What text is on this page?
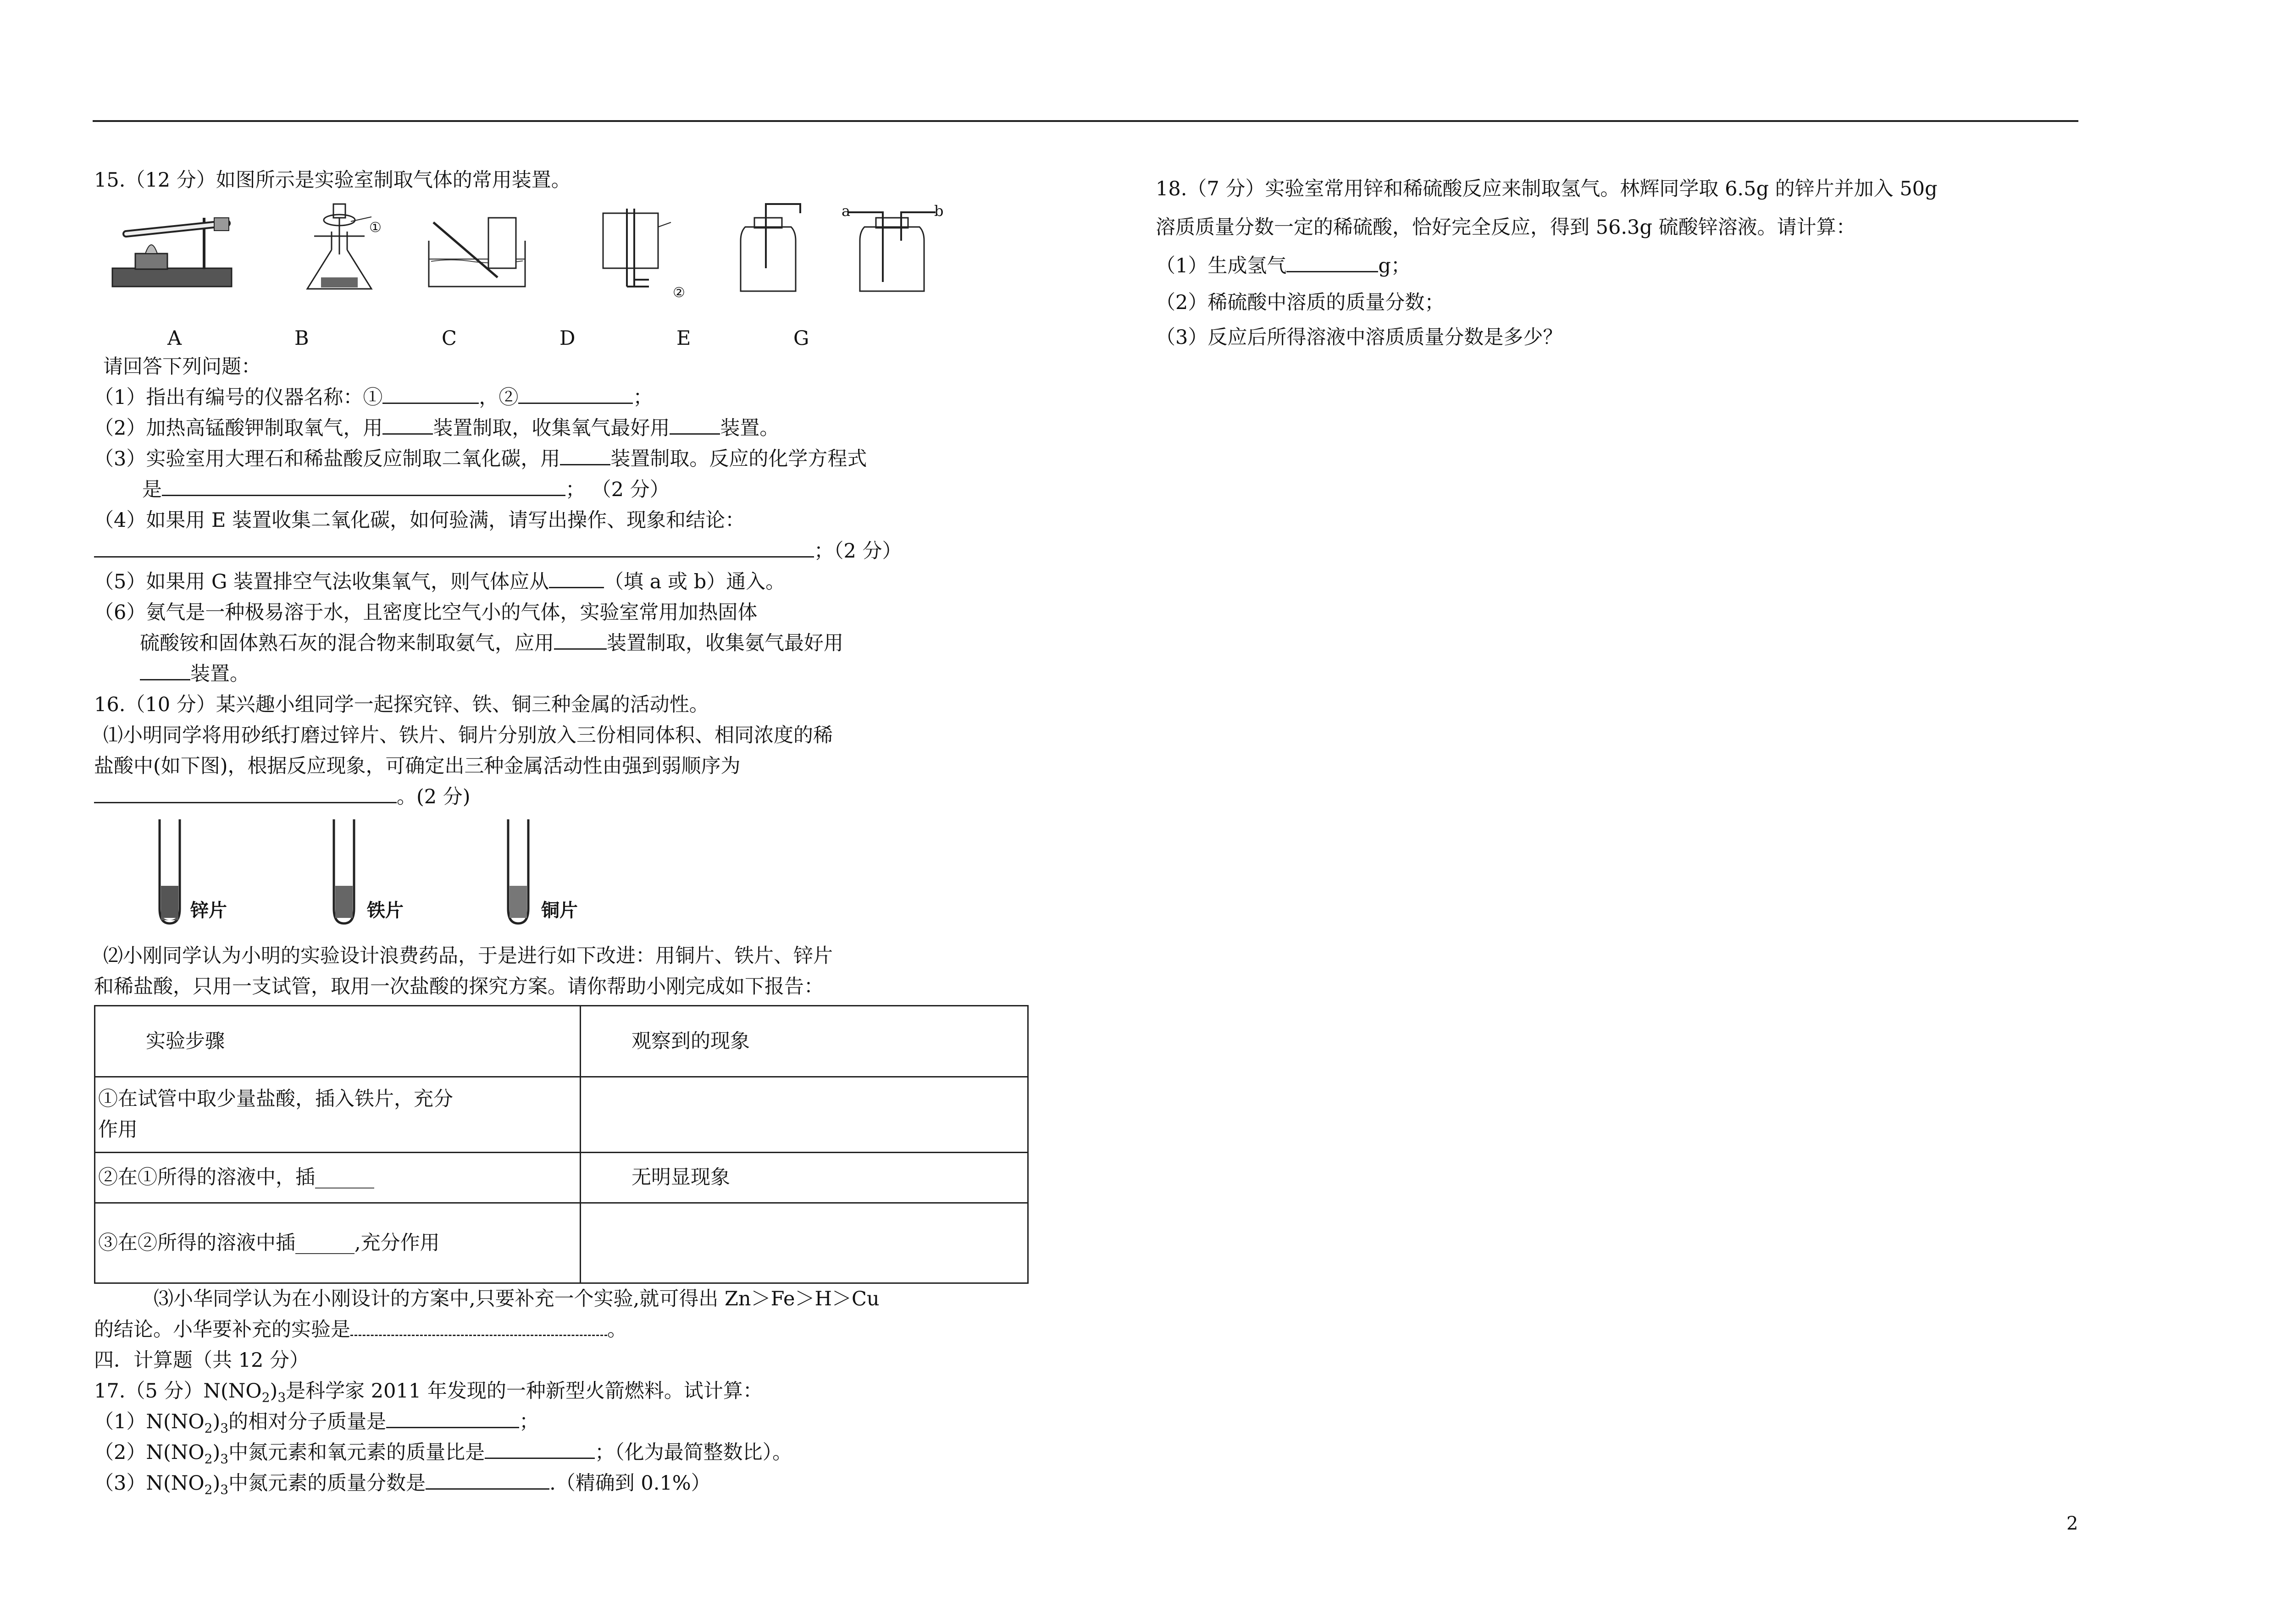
15.（12 分）如图所示是实验室制取气体的常用装置。
a	b
①
②
A	B	C	D	E	G
请回答下列问题：
（1）指出有编号的仪器名称：①	，②	；
（2）加热高锰酸钾制取氧气，用	装置制取，收集氧气最好用	装置。
（3）实验室用大理石和稀盐酸反应制取二氧化碳，用	装置制取。反应的化学方程式
是	； （2 分）
（4）如果用 E 装置收集二氧化碳，如何验满，请写出操作、现象和结论：
；（2 分）
（5）如果用 G 装置排空气法收集氧气，则气体应从	（填 a 或 b）通入。
（6）氨气是一种极易溶于水，且密度比空气小的气体，实验室常用加热固体
硫酸铵和固体熟石灰的混合物来制取氨气，应用	装置制取，收集氨气最好用
装置。
16.（10 分）某兴趣小组同学一起探究锌、铁、铜三种金属的活动性。
⑴小明同学将用砂纸打磨过锌片、铁片、铜片分别放入三份相同体积、相同浓度的稀
盐酸中(如下图)，根据反应现象，可确定出三种金属活动性由强到弱顺序为
。(2 分)
锌片	铁片	铜片
⑵小刚同学认为小明的实验设计浪费药品，于是进行如下改进：用铜片、铁片、锌片
和稀盐酸，只用一支试管，取用一次盐酸的探究方案。请你帮助小刚完成如下报告：
实验步骤	观察到的现象

①在试管中取少量盐酸，插入铁片，充分
作用	

②在①所得的溶液中，插______	无明显现象
③在②所得的溶液中插______,充分作用	
⑶小华同学认为在小刚设计的方案中,只要补充一个实验,就可得出 Zn＞Fe＞H＞Cu
的结论。小华要补充的实验是	。
四．计算题（共 12 分）
17.（5 分）$N(NO_2)_3$是科学家 2011 年发现的一种新型火箭燃料。试计算：
$(1)N(NO_2)_3$的相对分子质量是	；
$(2)N(NO_2)_3$中氮元素和氧元素的质量比是	；（化为最简整数比）。
$(3)N(NO_2)_3$中氮元素的质量分数是	.（精确到 0.1%）
18.（7 分）实验室常用锌和稀硫酸反应来制取氢气。林辉同学取 6.5g 的锌片并加入 50g
溶质质量分数一定的稀硫酸，恰好完全反应，得到 56.3g 硫酸锌溶液。请计算：
（1）生成氢气	g；
（2）稀硫酸中溶质的质量分数；
（3）反应后所得溶液中溶质质量分数是多少？
2
